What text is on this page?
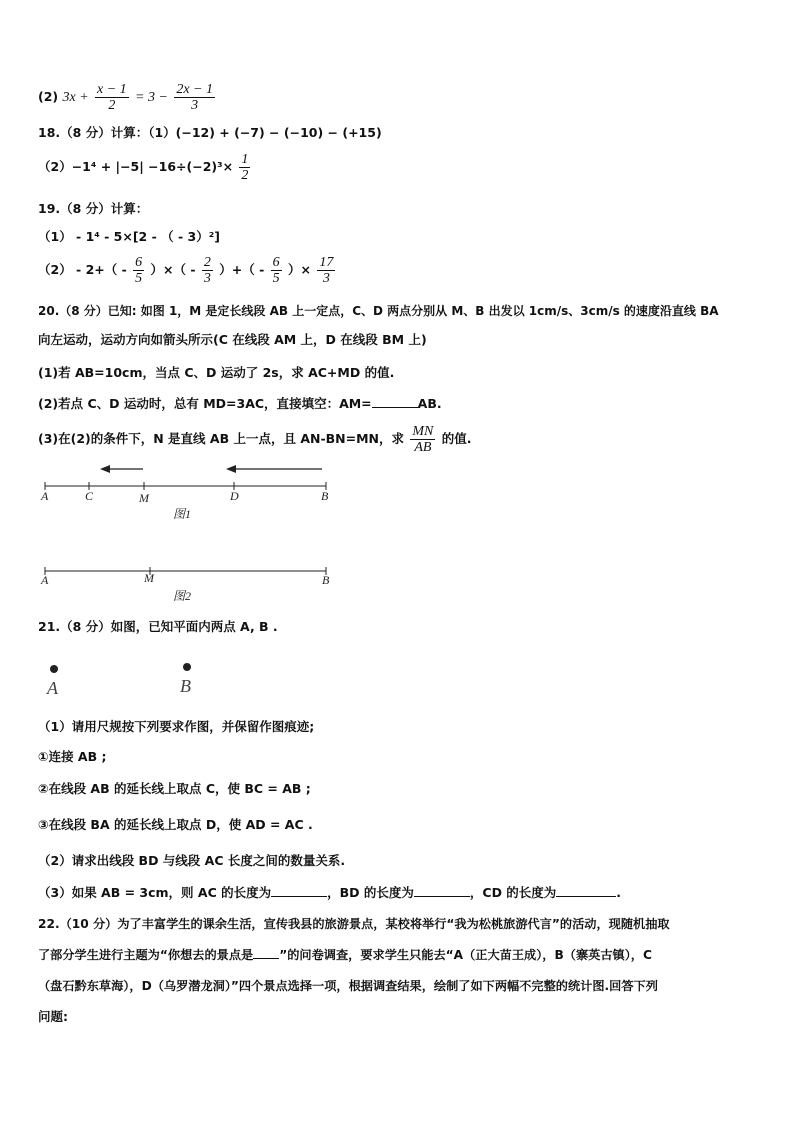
(2) $3x + \frac{x - 1}{2} = 3 - \frac{2x - 1}{3}$
18.（8 分）计算：（1）(−12) + (−7) − (−10) − (+15)
$(2)-1^4 + |-5| -16\div(-2)^3\times \frac{1}{2}$
19.（8 分）计算：
（1） - 1⁴ - 5×[2 - （ - 3）²]
$(2) - 2+( - \frac{6}{5}$ ）×（ - $\frac{2}{3}$ ）+（ - $\frac{6}{5}$ ）× $\frac{17}{3}$
20.（8 分）已知: 如图 1，M 是定长线段 AB 上一定点，C、D 两点分别从 M、B 出发以 1cm/s、3cm/s 的速度沿直线 BA
向左运动，运动方向如箭头所示(C 在线段 AM 上，D 在线段 BM 上)
(1)若 AB=10cm，当点 C、D 运动了 2s，求 AC+MD 的值.
(2)若点 C、D 运动时，总有 MD=3AC，直接填空：AM=	AB.
(3)在(2)的条件下，N 是直线 AB 上一点，且 AN-BN=MN，求 $\frac{MN}{AB}$ 的值.
A	C	M	D	B
图1
A	M	B
图2
21.（8 分）如图，已知平面内两点 A, B .
A	B
（1）请用尺规按下列要求作图，并保留作图痕迹;
①连接 AB ;
②在线段 AB 的延长线上取点 C，使 BC = AB ;
③在线段 BA 的延长线上取点 D，使 AD = AC .
（2）请求出线段 BD 与线段 AC 长度之间的数量关系.
（3）如果 AB = 3cm，则 AC 的长度为	，BD 的长度为	，CD 的长度为	.
22.（10 分）为了丰富学生的课余生活，宣传我县的旅游景点，某校将举行“我为松桃旅游代言”的活动，现随机抽取
了部分学生进行主题为“你想去的景点是 ”的问卷调查，要求学生只能去“A（正大苗王成），B（寨英古镇），C
（盘石黔东草海），D（乌罗潜龙洞）”四个景点选择一项，根据调查结果，绘制了如下两幅不完整的统计图.回答下列
问题:
